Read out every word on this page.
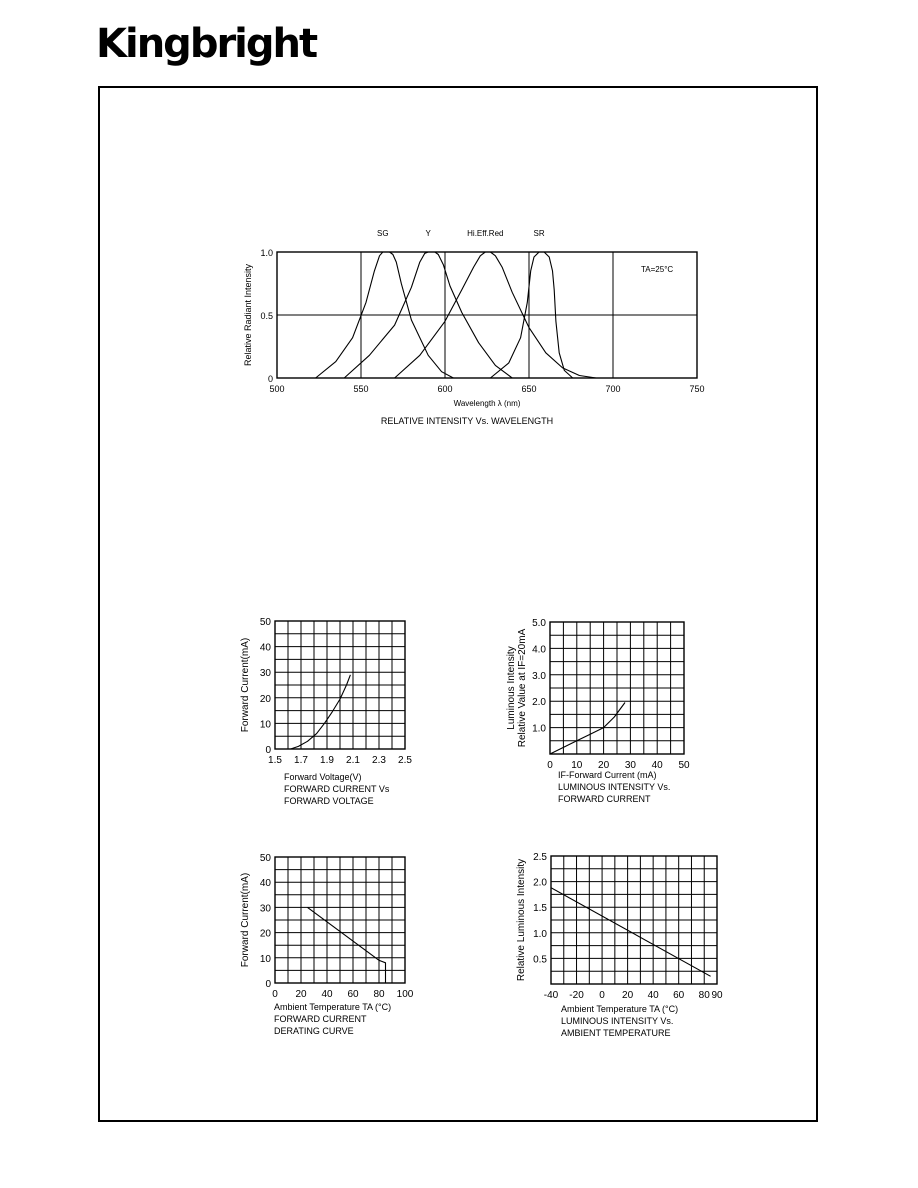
Kingbright
500	550	600	650	700	750
0
0.5
1.0
SG	Y	Hi.Eff.Red	SR
Relative Radiant Intensity
Wavelength λ (nm)
RELATIVE INTENSITY Vs. WAVELENGTH
TA=25°C
1.5 1.7 1.9 2.1 2.3 2.5
0
10
20
30
40
50
Forward Current(mA)
Forward Voltage(V)
FORWARD CURRENT Vs
FORWARD VOLTAGE
0 10 20 30 40 50
1.0
2.0
3.0
4.0
5.0
Luminous Intensity Relative Value at IF=20mA
IF-Forward Current (mA)
LUMINOUS INTENSITY Vs.
FORWARD CURRENT
0 20 40 60 80 100
0
10
20
30
40
50
Forward Current(mA)
Ambient Temperature TA (°C)
FORWARD CURRENT
DERATING CURVE
-40 -20 0 20 40 60 80 90
0.5
1.0
1.5
2.0
2.5
Relative Luminous Intensity
Ambient Temperature TA (°C)
LUMINOUS INTENSITY Vs.
AMBIENT TEMPERATURE
